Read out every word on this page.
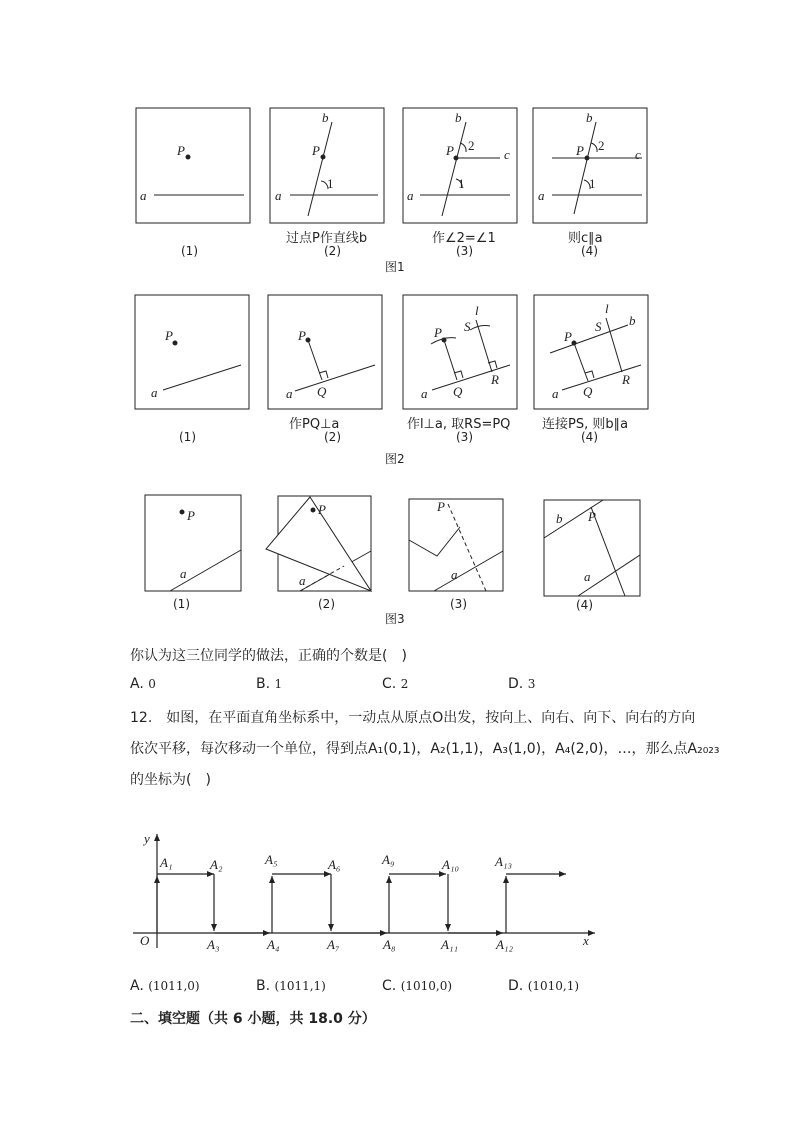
P
a
b
P
a
1
b
P
a
c
1
2
b
P
a
c
1
2
P
a
P
a Q
P
a Q
R
S
l
P
a Q
R
S
l
b
P
a
P
a
P
a
b P
a
y
x
O
A₁	A₂
A₃	A₄
A₅	A₆
A₇	A₈
A₉	A₁₀
A₁₁	A₁₂
A₁₃
(1)
过点P作直线b
(2)
作∠2=∠1
(3)
则c∥a
(4)
图1
(1)
作PQ⊥a
(2)
作l⊥a, 取RS=PQ
(3)
连接PS, 则b∥a
(4)
图2
(1)	(2)	(3)	(4)
图3
你认为这三位同学的做法，正确的个数是(　)
A. 0	B. 1	C. 2	D. 3
12.　如图，在平面直角坐标系中，一动点从原点O出发，按向上、向右、向下、向右的方向
依次平移，每次移动一个单位，得到点A₁(0,1)，A₂(1,1)，A₃(1,0)，A₄(2,0)，…，那么点A₂₀₂₃
的坐标为(　)
A. (1011,0)	B. (1011,1)	C. (1010,0)	D. (1010,1)
二、填空题（共 6 小题，共 18.0 分）
